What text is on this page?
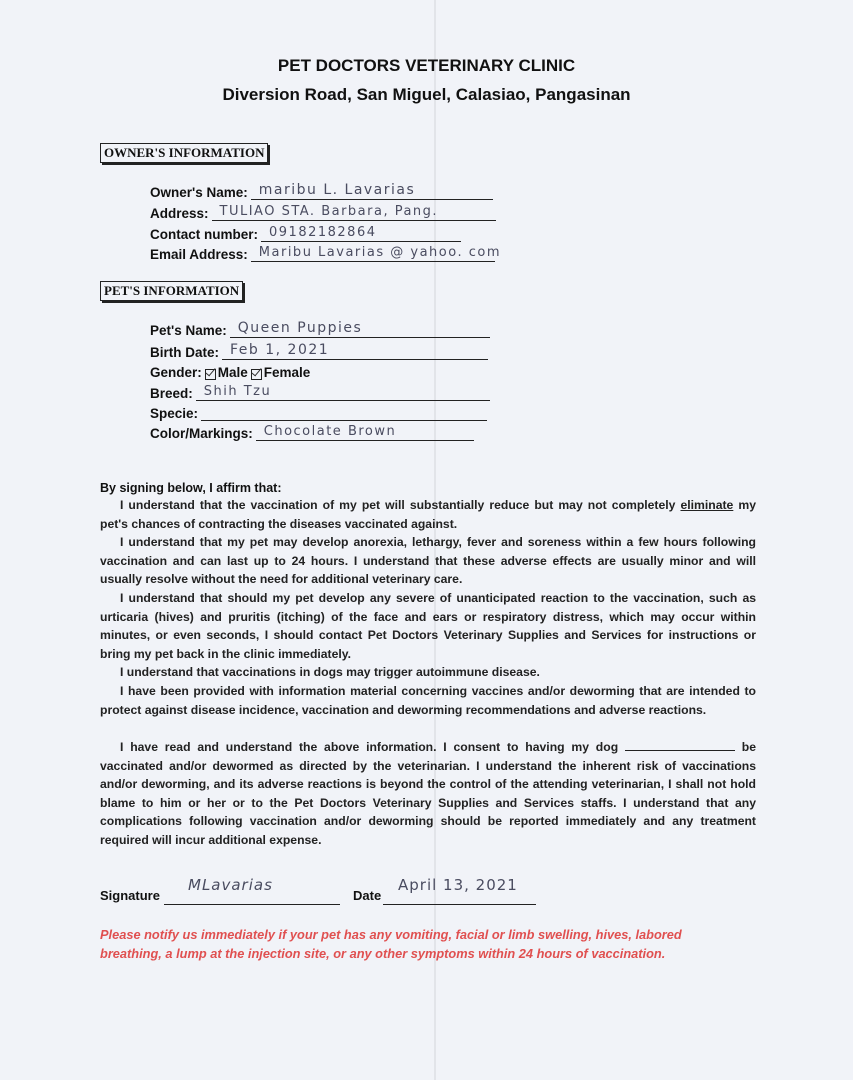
PET DOCTORS VETERINARY CLINIC
Diversion Road, San Miguel, Calasiao, Pangasinan
OWNER'S INFORMATION
Owner's Name: maribu L. Lavarias
Address: TULIAO STA. Barbara, Pang.
Contact number: 09182182864
Email Address: Maribu Lavarias @ yahoo. com
PET'S INFORMATION
Pet's Name: Queen Puppies
Birth Date: Feb 1, 2021
Gender: Male Female
Breed: Shih Tzu
Specie:
Color/Markings: Chocolate Brown
By signing below, I affirm that:

I understand that the vaccination of my pet will substantially reduce but may not completely eliminate my pet's chances of contracting the diseases vaccinated against.

I understand that my pet may develop anorexia, lethargy, fever and soreness within a few hours following vaccination and can last up to 24 hours. I understand that these adverse effects are usually minor and will usually resolve without the need for additional veterinary care.

I understand that should my pet develop any severe of unanticipated reaction to the vaccination, such as urticaria (hives) and pruritis (itching) of the face and ears or respiratory distress, which may occur within minutes, or even seconds, I should contact Pet Doctors Veterinary Supplies and Services for instructions or bring my pet back in the clinic immediately.

I understand that vaccinations in dogs may trigger autoimmune disease.

I have been provided with information material concerning vaccines and/or deworming that are intended to protect against disease incidence, vaccination and deworming recommendations and adverse reactions.

I have read and understand the above information. I consent to having my dog	be vaccinated and/or dewormed as directed by the veterinarian. I understand the inherent risk of vaccinations and/or deworming, and its adverse reactions is beyond the control of the attending veterinarian, I shall not hold blame to him or her or to the Pet Doctors Veterinary Supplies and Services staffs. I understand that any complications following vaccination and/or deworming should be reported immediately and any treatment required will incur additional expense.

Signature
MLavarias
Date
April 13, 2021
Please notify us immediately if your pet has any vomiting, facial or limb swelling, hives, labored breathing, a lump at the injection site, or any other symptoms within 24 hours of vaccination.
